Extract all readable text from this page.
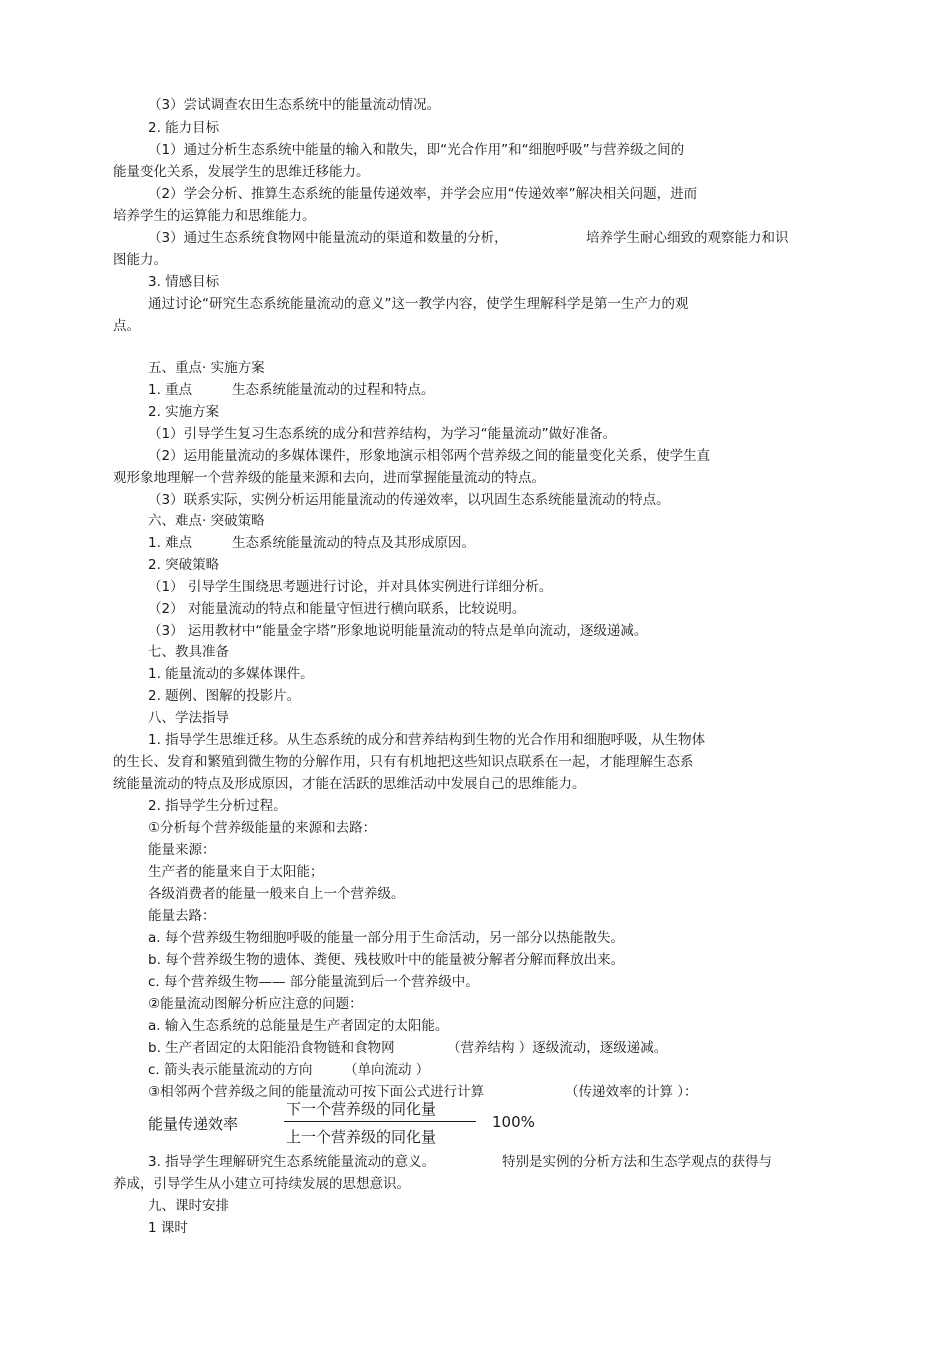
（3）尝试调查农田生态系统中的能量流动情况。
2. 能力目标
（1）通过分析生态系统中能量的输入和散失，即“光合作用”和“细胞呼吸”与营养级之间的
能量变化关系，发展学生的思维迁移能力。
（2）学会分析、推算生态系统的能量传递效率，并学会应用“传递效率”解决相关问题，进而
培养学生的运算能力和思维能力。
（3）通过生态系统食物网中能量流动的渠道和数量的分析，	培养学生耐心细致的观察能力和识
图能力。
3. 情感目标
通过讨论“研究生态系统能量流动的意义”这一教学内容，使学生理解科学是第一生产力的观
点。
五、重点· 实施方案
1. 重点	生态系统能量流动的过程和特点。
2. 实施方案
（1）引导学生复习生态系统的成分和营养结构，为学习“能量流动”做好准备。
（2）运用能量流动的多媒体课件，形象地演示相邻两个营养级之间的能量变化关系，使学生直
观形象地理解一个营养级的能量来源和去向，进而掌握能量流动的特点。
（3）联系实际，实例分析运用能量流动的传递效率，以巩固生态系统能量流动的特点。
六、难点· 突破策略
1. 难点	生态系统能量流动的特点及其形成原因。
2. 突破策略
（1） 引导学生围绕思考题进行讨论，并对具体实例进行详细分析。
（2） 对能量流动的特点和能量守恒进行横向联系，比较说明。
（3） 运用教材中“能量金字塔”形象地说明能量流动的特点是单向流动，逐级递减。
七、教具准备
1. 能量流动的多媒体课件。
2. 题例、图解的投影片。
八、学法指导
1. 指导学生思维迁移。从生态系统的成分和营养结构到生物的光合作用和细胞呼吸，从生物体
的生长、发育和繁殖到微生物的分解作用，只有有机地把这些知识点联系在一起，才能理解生态系
统能量流动的特点及形成原因，才能在活跃的思维活动中发展自己的思维能力。
2. 指导学生分析过程。
①分析每个营养级能量的来源和去路：
能量来源：
生产者的能量来自于太阳能；
各级消费者的能量一般来自上一个营养级。
能量去路：
a. 每个营养级生物细胞呼吸的能量一部分用于生命活动，另一部分以热能散失。
b. 每个营养级生物的遗体、粪便、残枝败叶中的能量被分解者分解而释放出来。
c. 每个营养级生物—— 部分能量流到后一个营养级中。
②能量流动图解分析应注意的问题：
a. 输入生态系统的总能量是生产者固定的太阳能。
b. 生产者固定的太阳能沿食物链和食物网	（营养结构 ）逐级流动，逐级递减。
c. 箭头表示能量流动的方向 （单向流动 ）
③相邻两个营养级之间的能量流动可按下面公式进行计算	（传递效率的计算 ）：
能量传递效率
下一个营养级的同化量
上一个营养级的同化量
100%
3. 指导学生理解研究生态系统能量流动的意义。	特别是实例的分析方法和生态学观点的获得与
养成，引导学生从小建立可持续发展的思想意识。
九、课时安排
1 课时
